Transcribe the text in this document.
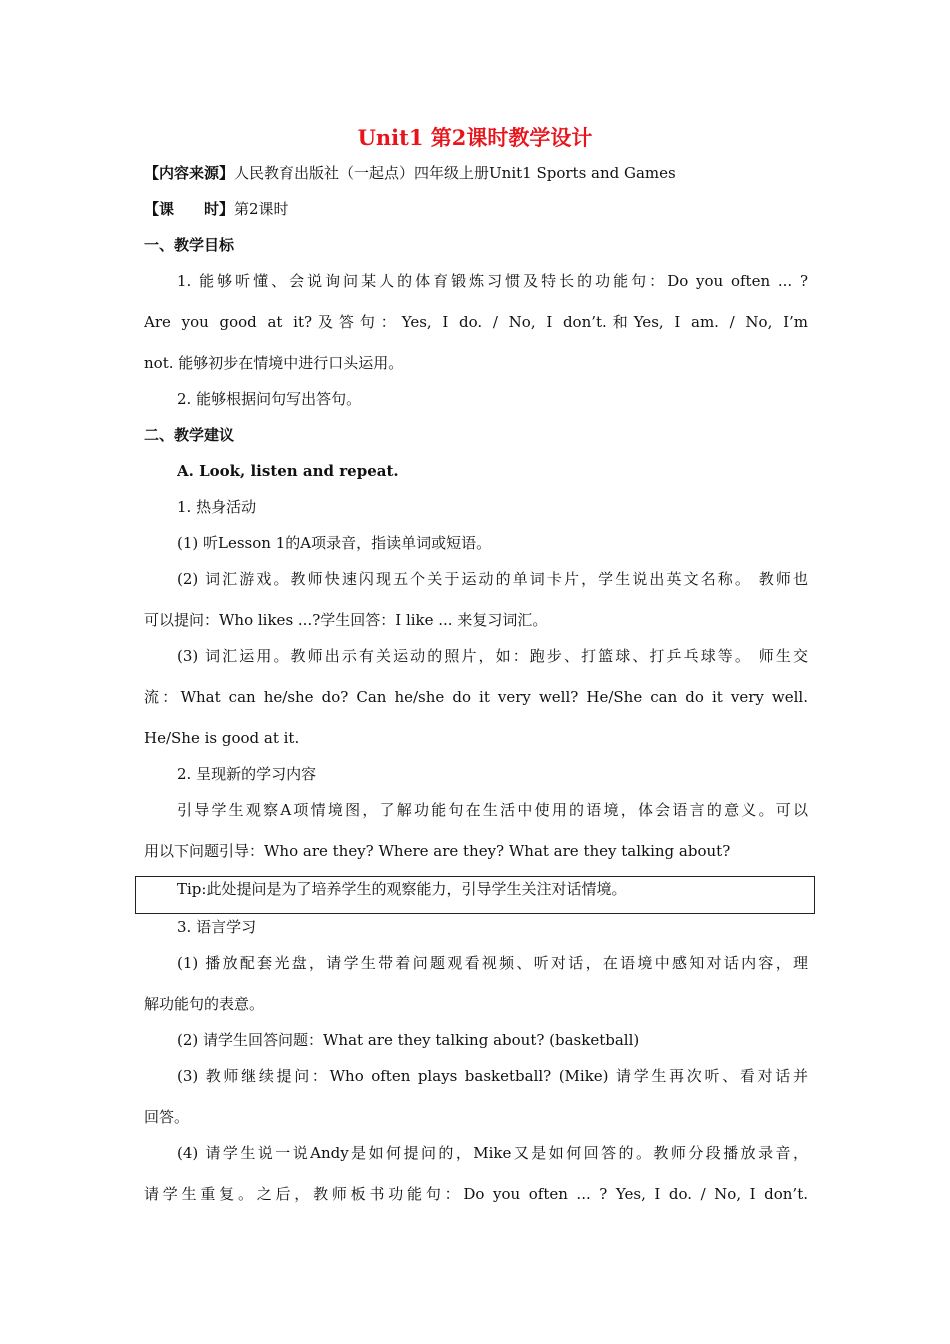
Unit1 第2课时教学设计
【内容来源】人民教育出版社（一起点）四年级上册Unit1 Sports and Games
【课　　时】第2课时
一、教学目标
1. 能够听懂、会说询问某人的体育锻炼习惯及特长的功能句：Do you often ... ?
Are you good at it?及答句：Yes, I do. / No, I don’t.和Yes, I am. / No, I’m
not. 能够初步在情境中进行口头运用。
2. 能够根据问句写出答句。
二、教学建议
A. Look, listen and repeat.
1. 热身活动
(1) 听Lesson 1的A项录音，指读单词或短语。
(2) 词汇游戏。教师快速闪现五个关于运动的单词卡片，学生说出英文名称。 教师也
可以提问：Who likes ...?学生回答：I like ... 来复习词汇。
(3) 词汇运用。教师出示有关运动的照片，如：跑步、打篮球、打乒乓球等。 师生交
流：What can he/she do? Can he/she do it very well? He/She can do it very well.
He/She is good at it.
2. 呈现新的学习内容
引导学生观察A项情境图，了解功能句在生活中使用的语境，体会语言的意义。可以
用以下问题引导：Who are they? Where are they? What are they talking about?
Tip:此处提问是为了培养学生的观察能力，引导学生关注对话情境。
3. 语言学习
(1) 播放配套光盘，请学生带着问题观看视频、听对话，在语境中感知对话内容，理
解功能句的表意。
(2) 请学生回答问题：What are they talking about? (basketball)
(3) 教师继续提问：Who often plays basketball? (Mike) 请学生再次听、看对话并
回答。
(4) 请学生说一说Andy是如何提问的，Mike又是如何回答的。教师分段播放录音，
请学生重复。之后，教师板书功能句：Do you often ... ? Yes, I do. / No, I don’t.
